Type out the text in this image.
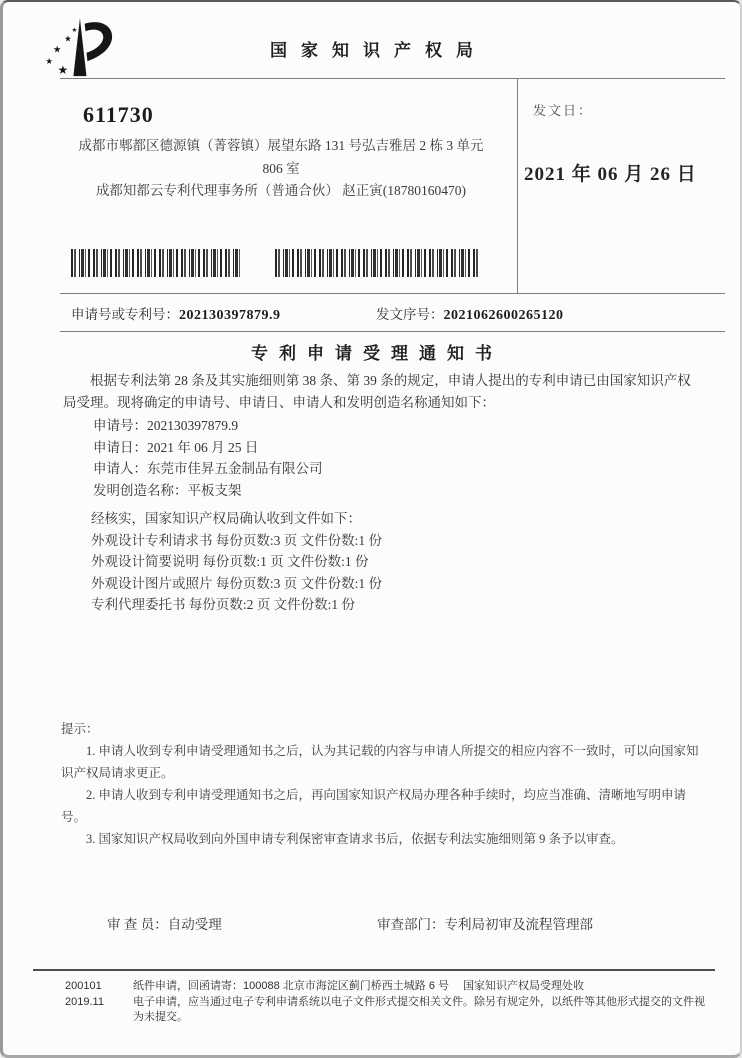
★
★
★
★
★
国家知识产权局
611730
成都市郫都区德源镇（菁蓉镇）展望东路 131 号弘吉雅居 2 栋 3 单元
806 室
成都知都云专利代理事务所（普通合伙） 赵正寅(18780160470)
发文日：
2021 年 06 月 26 日
申请号或专利号：202130397879.9	发文序号：2021062600265120
专利申请受理通知书
根据专利法第 28 条及其实施细则第 38 条、第 39 条的规定，申请人提出的专利申请已由国家知识产权局受理。现将确定的申请号、申请日、申请人和发明创造名称通知如下：
申请号：202130397879.9
申请日：2021 年 06 月 25 日
申请人：东莞市佳昇五金制品有限公司
发明创造名称：平板支架
经核实，国家知识产权局确认收到文件如下：
外观设计专利请求书 每份页数:3 页 文件份数:1 份
外观设计简要说明 每份页数:1 页 文件份数:1 份
外观设计图片或照片 每份页数:3 页 文件份数:1 份
专利代理委托书 每份页数:2 页 文件份数:1 份
提示：
1. 申请人收到专利申请受理通知书之后，认为其记载的内容与申请人所提交的相应内容不一致时，可以向国家知识产权局请求更正。
2. 申请人收到专利申请受理通知书之后，再向国家知识产权局办理各种手续时，均应当准确、清晰地写明申请号。
3. 国家知识产权局收到向外国申请专利保密审查请求书后，依据专利法实施细则第 9 条予以审查。
审 查 员：自动受理	审查部门：专利局初审及流程管理部
200101	纸件申请，回函请寄：100088 北京市海淀区蓟门桥西土城路 6 号　 国家知识产权局受理处收
2019.11	电子申请，应当通过电子专利申请系统以电子文件形式提交相关文件。除另有规定外，以纸件等其他形式提交的文件视为未提交。
